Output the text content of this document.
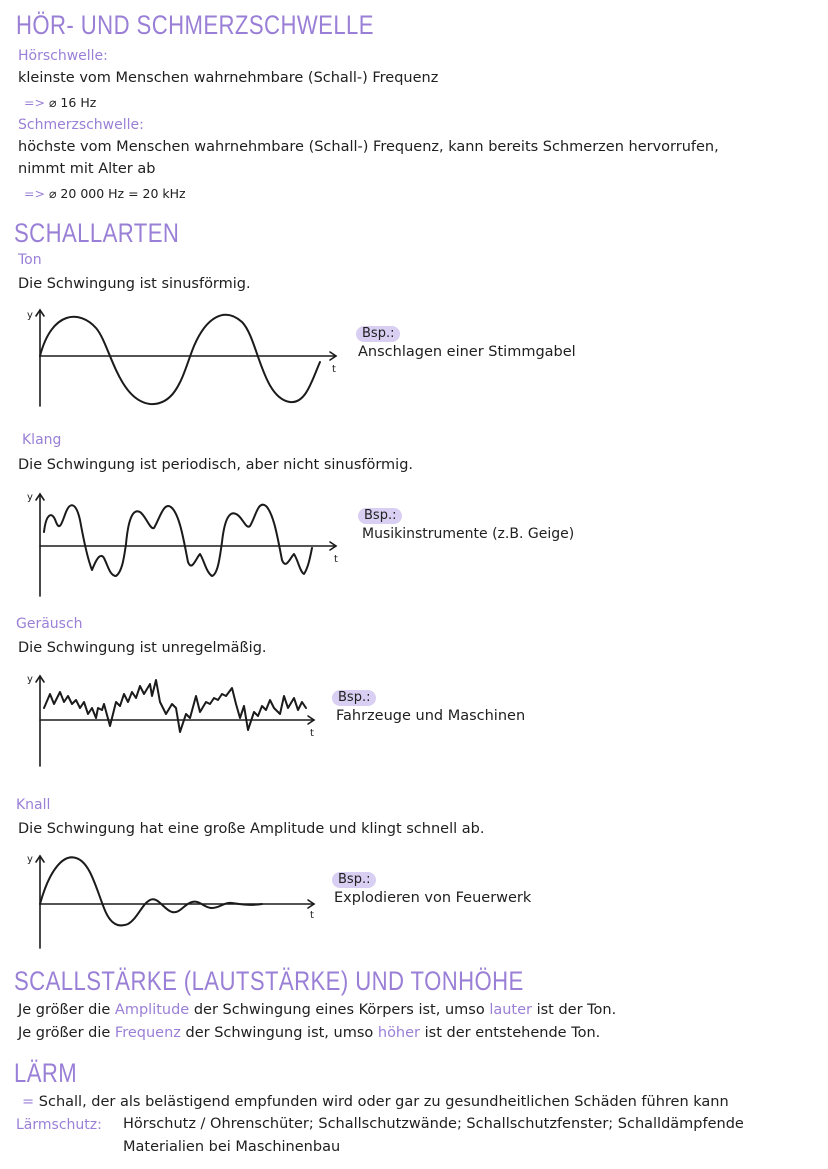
HÖR- UND SCHMERZSCHWELLE
Hörschwelle:
kleinste vom Menschen wahrnehmbare (Schall-) Frequenz
=> ⌀ 16 Hz
Schmerzschwelle:
höchste vom Menschen wahrnehmbare (Schall-) Frequenz, kann bereits Schmerzen hervorrufen,
nimmt mit Alter ab
=> ⌀ 20 000 Hz = 20 kHz
SCHALLARTEN
Ton
Die Schwingung ist sinusförmig.
y
t
Bsp.:
Anschlagen einer Stimmgabel
Klang
Die Schwingung ist periodisch, aber nicht sinusförmig.
y
t
Bsp.:
Musikinstrumente (z.B. Geige)
Geräusch
Die Schwingung ist unregelmäßig.
y
t
Bsp.:
Fahrzeuge und Maschinen
Knall
Die Schwingung hat eine große Amplitude und klingt schnell ab.
y
t
Bsp.:
Explodieren von Feuerwerk
SCALLSTÄRKE (LAUTSTÄRKE) UND TONHÖHE
Je größer die Amplitude der Schwingung eines Körpers ist, umso lauter ist der Ton.
Je größer die Frequenz der Schwingung ist, umso höher ist der entstehende Ton.
LÄRM
= Schall, der als belästigend empfunden wird oder gar zu gesundheitlichen Schäden führen kann
Lärmschutz: Hörschutz / Ohrenschüter; Schallschutzwände; Schallschutzfenster; Schalldämpfende
Materialien bei Maschinenbau
